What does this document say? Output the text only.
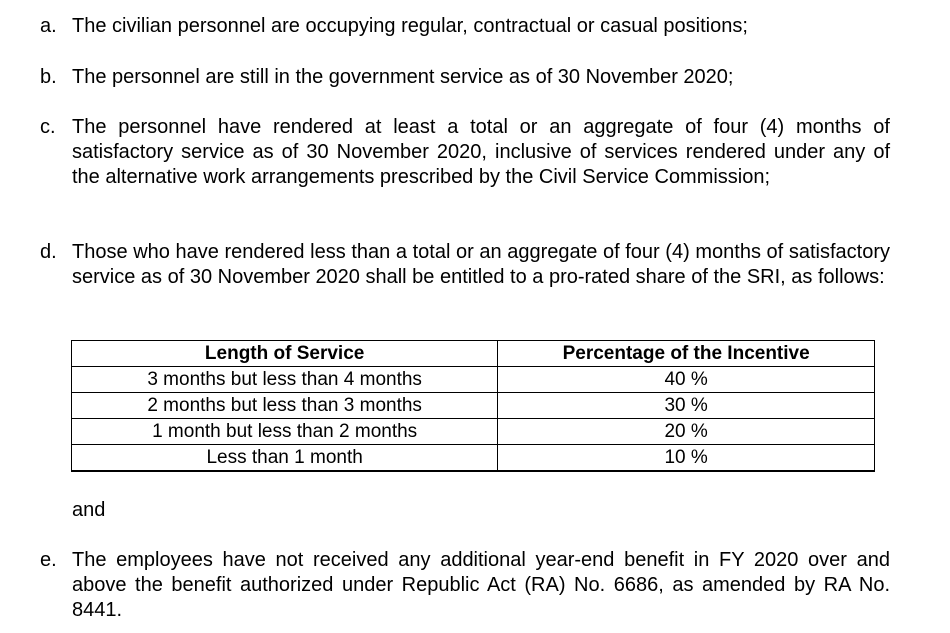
a. The civilian personnel are occupying regular, contractual or casual positions;
b. The personnel are still in the government service as of 30 November 2020;
c. The personnel have rendered at least a total or an aggregate of four (4) months of satisfactory service as of 30 November 2020, inclusive of services rendered under any of the alternative work arrangements prescribed by the Civil Service Commission;
d. Those who have rendered less than a total or an aggregate of four (4) months of satisfactory service as of 30 November 2020 shall be entitled to a pro-rated share of the SRI, as follows:
Length of Service	Percentage of the Incentive
3 months but less than 4 months	40 %
2 months but less than 3 months	30 %
1 month but less than 2 months	20 %
Less than 1 month	10 %
and
e. The employees have not received any additional year-end benefit in FY 2020 over and above the benefit authorized under Republic Act (RA) No. 6686, as amended by RA No. 8441.
